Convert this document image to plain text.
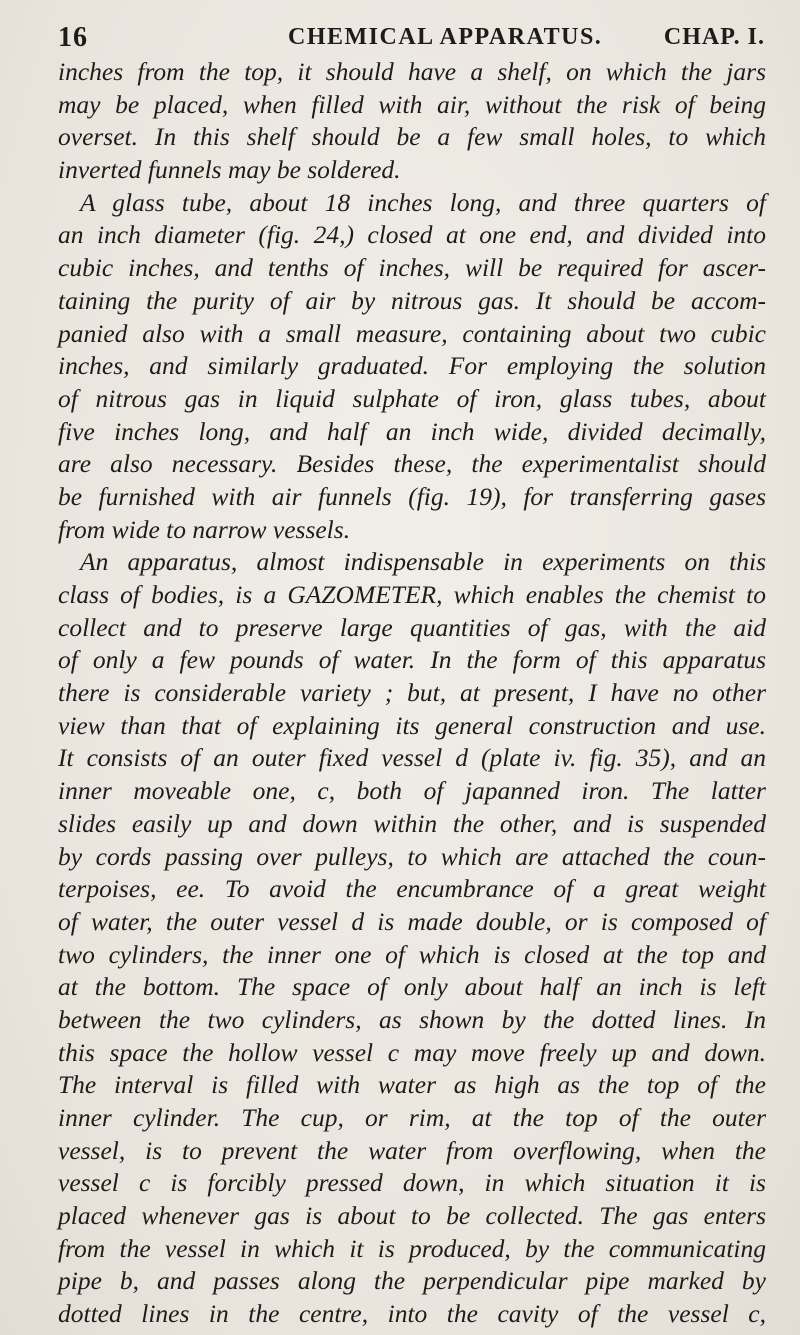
16	CHEMICAL APPARATUS.	CHAP. I.
inches from the top, it should have a shelf, on which the jars
may be placed, when filled with air, without the risk of being
overset. In this shelf should be a few small holes, to which
inverted funnels may be soldered.
A glass tube, about 18 inches long, and three quarters of
an inch diameter (fig. 24,) closed at one end, and divided into
cubic inches, and tenths of inches, will be required for ascer-
taining the purity of air by nitrous gas. It should be accom-
panied also with a small measure, containing about two cubic
inches, and similarly graduated. For employing the solution
of nitrous gas in liquid sulphate of iron, glass tubes, about
five inches long, and half an inch wide, divided decimally,
are also necessary. Besides these, the experimentalist should
be furnished with air funnels (fig. 19), for transferring gases
from wide to narrow vessels.
An apparatus, almost indispensable in experiments on this
class of bodies, is a GAZOMETER, which enables the chemist to
collect and to preserve large quantities of gas, with the aid
of only a few pounds of water. In the form of this apparatus
there is considerable variety ; but, at present, I have no other
view than that of explaining its general construction and use.
It consists of an outer fixed vessel d (plate iv. fig. 35), and an
inner moveable one, c, both of japanned iron. The latter
slides easily up and down within the other, and is suspended
by cords passing over pulleys, to which are attached the coun-
terpoises, ee. To avoid the encumbrance of a great weight
of water, the outer vessel d is made double, or is composed of
two cylinders, the inner one of which is closed at the top and
at the bottom. The space of only about half an inch is left
between the two cylinders, as shown by the dotted lines. In
this space the hollow vessel c may move freely up and down.
The interval is filled with water as high as the top of the
inner cylinder. The cup, or rim, at the top of the outer
vessel, is to prevent the water from overflowing, when the
vessel c is forcibly pressed down, in which situation it is
placed whenever gas is about to be collected. The gas enters
from the vessel in which it is produced, by the communicating
pipe b, and passes along the perpendicular pipe marked by
dotted lines in the centre, into the cavity of the vessel c,
